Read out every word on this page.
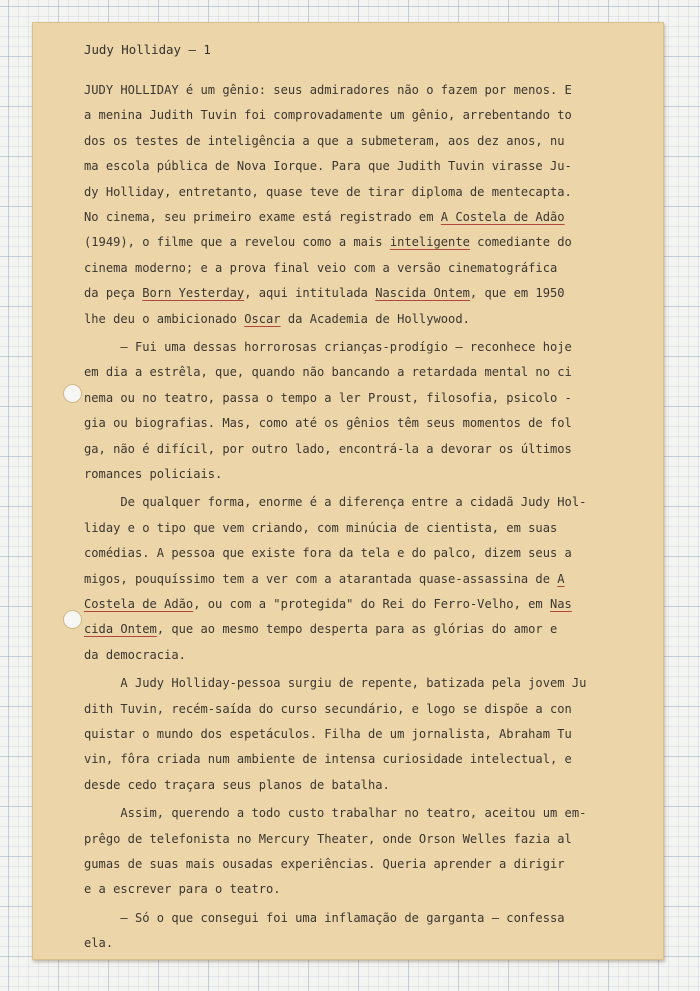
Judy Holliday — 1
JUDY HOLLIDAY é um gênio: seus admiradores não o fazem por menos. E
a menina Judith Tuvin foi comprovadamente um gênio, arrebentando to
dos os testes de inteligência a que a submeteram, aos dez anos, nu
ma escola pública de Nova Iorque. Para que Judith Tuvin virasse Ju-
dy Holliday, entretanto, quase teve de tirar diploma de mentecapta.
No cinema, seu primeiro exame está registrado em A Costela de Adão
(1949), o filme que a revelou como a mais inteligente comediante do
cinema moderno; e a prova final veio com a versão cinematográfica
da peça Born Yesterday, aqui intitulada Nascida Ontem, que em 1950
lhe deu o ambicionado Oscar da Academia de Hollywood.
— Fui uma dessas horrorosas crianças-prodígio — reconhece hoje
em dia a estrêla, que, quando não bancando a retardada mental no ci
nema ou no teatro, passa o tempo a ler Proust, filosofia, psicolo -
gia ou biografias. Mas, como até os gênios têm seus momentos de fol
ga, não é difícil, por outro lado, encontrá-la a devorar os últimos
romances policiais.
De qualquer forma, enorme é a diferença entre a cidadã Judy Hol-
liday e o tipo que vem criando, com minúcia de cientista, em suas
comédias. A pessoa que existe fora da tela e do palco, dizem seus a
migos, pouquíssimo tem a ver com a atarantada quase-assassina de A
Costela de Adão, ou com a "protegida" do Rei do Ferro-Velho, em Nas
cida Ontem, que ao mesmo tempo desperta para as glórias do amor e
da democracia.
A Judy Holliday-pessoa surgiu de repente, batizada pela jovem Ju
dith Tuvin, recém-saída do curso secundário, e logo se dispõe a con
quistar o mundo dos espetáculos. Filha de um jornalista, Abraham Tu
vin, fôra criada num ambiente de intensa curiosidade intelectual, e
desde cedo traçara seus planos de batalha.
Assim, querendo a todo custo trabalhar no teatro, aceitou um em-
prêgo de telefonista no Mercury Theater, onde Orson Welles fazia al
gumas de suas mais ousadas experiências. Queria aprender a dirigir
e a escrever para o teatro.
— Só o que consegui foi uma inflamação de garganta — confessa
ela.
